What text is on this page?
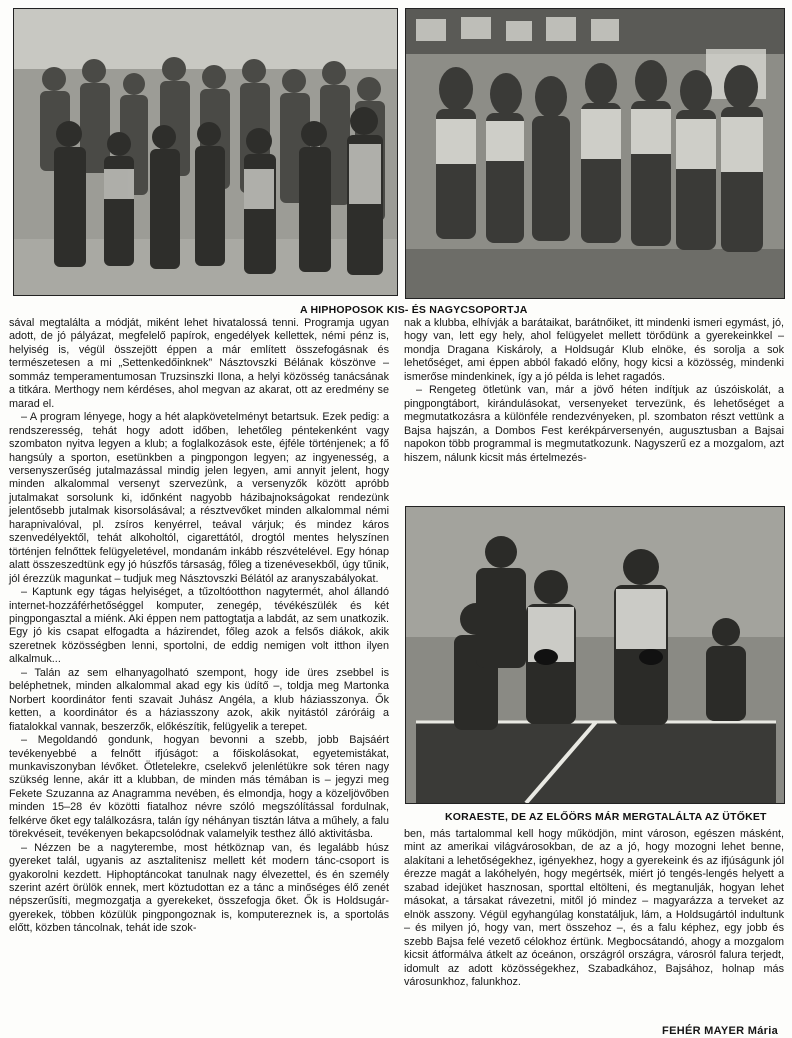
A HIPHOPOSOK KIS- ÉS NAGYCSOPORTJA
KORAESTE, DE AZ ELŐÖRS MÁR MERGTALÁLTA AZ ÜTŐKET

sával megtalálta a módját, miként lehet hivatalossá tenni. Programja ugyan adott, de jó pályázat, megfelelő papírok, engedélyek kellettek, némi pénz is, helyiség is, végül összejött éppen a már említett összefogásnak és természetesen a mi „Settenkedőinknek” Násztovszki Bélának köszönve – sommáz temperamentumosan Truzsinszki Ilona, a helyi közösség tanácsának a titkára. Merthogy nem kérdéses, ahol megvan az akarat, ott az eredmény se marad el.

– A program lényege, hogy a hét alapkövetelményt betartsuk. Ezek pedig: a rendszeresség, tehát hogy adott időben, lehetőleg péntekenként vagy szombaton nyitva legyen a klub; a foglalkozások este, éjféle történjenek; a fő hangsúly a sporton, esetünkben a pingpongon legyen; az ingyenesség, a versenyszerűség jutalmazással mindig jelen legyen, ami annyit jelent, hogy minden alkalommal versenyt szervezünk, a versenyzők között apróbb jutalmakat sorsolunk ki, időnként nagyobb házibajnokságokat rendezünk jelentősebb jutalmak kisorsolásával; a résztvevőket minden alkalommal némi harapnivalóval, pl. zsíros kenyérrel, teával várjuk; és mindez káros szenvedélyektől, tehát alkoholtól, cigarettától, drogtól mentes helyszínen történjen felnőttek felügyeletével, mondanám inkább részvételével. Egy hónap alatt összeszedtünk egy jó húszfős társaság, főleg a tizenévesekből, úgy tűnik, jól érezzük magunkat – tudjuk meg Násztovszki Bélától az aranyszabályokat.

– Kaptunk egy tágas helyiséget, a tűzoltóotthon nagytermét, ahol állandó internet-hozzáférhetőséggel komputer, zenegép, tévékészülék és két pingpongasztal a miénk. Aki éppen nem pattogtatja a labdát, az sem unatkozik. Egy jó kis csapat elfogadta a házirendet, főleg azok a felsős diákok, akik szeretnek közösségben lenni, sportolni, de eddig nemigen volt itthon ilyen alkalmuk...

– Talán az sem elhanyagolható szempont, hogy ide üres zsebbel is beléphetnek, minden alkalommal akad egy kis üdítő –, toldja meg Martonka Norbert koordinátor fenti szavait Juhász Angéla, a klub háziasszonya. Ők ketten, a koordinátor és a háziasszony azok, akik nyitástól záróráig a fiatalokkal vannak, beszerzők, előkészítik, felügyelik a terepet.

– Megoldandó gondunk, hogyan bevonni a szebb, jobb Bajsáért tevékenyebbé a felnőtt ifjúságot: a főiskolásokat, egyetemistákat, munkaviszonyban lévőket. Ötletelekre, cselekvő jelenlétükre sok téren nagy szükség lenne, akár itt a klubban, de minden más témában is – jegyzi meg Fekete Szuzanna az Anagramma nevében, és elmondja, hogy a közeljövőben minden 15–28 év közötti fiatalhoz névre szóló megszólítással fordulnak, felkérve őket egy találkozásra, talán így néhányan tisztán látva a műhely, a falu törekvéseit, tevékenyen bekapcsolódnak valamelyik testhez álló aktivitásba.

– Nézzen be a nagyterembe, most hétköznap van, és legalább húsz gyereket talál, ugyanis az asztalitenisz mellett két modern tánc-csoport is gyakorolni kezdett. Hiphoptáncokat tanulnak nagy élvezettel, és én személy szerint azért örülök ennek, mert köztudottan ez a tánc a minőséges élő zenét népszerűsíti, megmozgatja a gyerekeket, összefogja őket. Ők is Holdsugár-gyerekek, többen közülük pingpongoznak is, komputereznek is, a sportolás előtt, közben táncolnak, tehát ide szok-

nak a klubba, elhívják a barátaikat, barátnőiket, itt mindenki ismeri egymást, jó, hogy van, lett egy hely, ahol felügyelet mellett törődünk a gyerekeinkkel – mondja Dragana Kiskároly, a Holdsugár Klub elnöke, és sorolja a sok lehetőséget, ami éppen abból fakadó előny, hogy kicsi a közösség, mindenki ismerőse mindenkinek, így a jó példa is lehet ragadós.

– Rengeteg ötletünk van, már a jövő héten indítjuk az úszóiskolát, a pingpongtábort, kirándulásokat, versenyeket tervezünk, és lehetőséget a megmutatkozásra a különféle rendezvényeken, pl. szombaton részt vettünk a Bajsa hajszán, a Dombos Fest kerékpárversenyén, augusztusban a Bajsai napokon több programmal is megmutatkozunk. Nagyszerű ez a mozgalom, azt hiszem, nálunk kicsit más értelmezés-

ben, más tartalommal kell hogy működjön, mint városon, egészen másként, mint az amerikai világvárosokban, de az a jó, hogy mozogni lehet benne, alakítani a lehetőségekhez, igényekhez, hogy a gyerekeink és az ifjúságunk jól érezze magát a lakóhelyén, hogy megértsék, miért jó tengés-lengés helyett a szabad idejüket hasznosan, sporttal eltölteni, és megtanulják, hogyan lehet másokat, a társakat rávezetni, mitől jó mindez – magyarázza a terveket az elnök asszony. Végül egyhangúlag konstatáljuk, lám, a Holdsugártól indultunk – és milyen jó, hogy van, mert összehoz –, és a falu képhez, egy jobb és szebb Bajsa felé vezető célokhoz értünk. Megbocsátandó, ahogy a mozgalom kicsit átformálva átkelt az óceánon, országról országra, városról falura terjedt, idomult az adott közösségekhez, Szabadkához, Bajsához, holnap más városunkhoz, falunkhoz.

FEHÉR MAYER Mária
